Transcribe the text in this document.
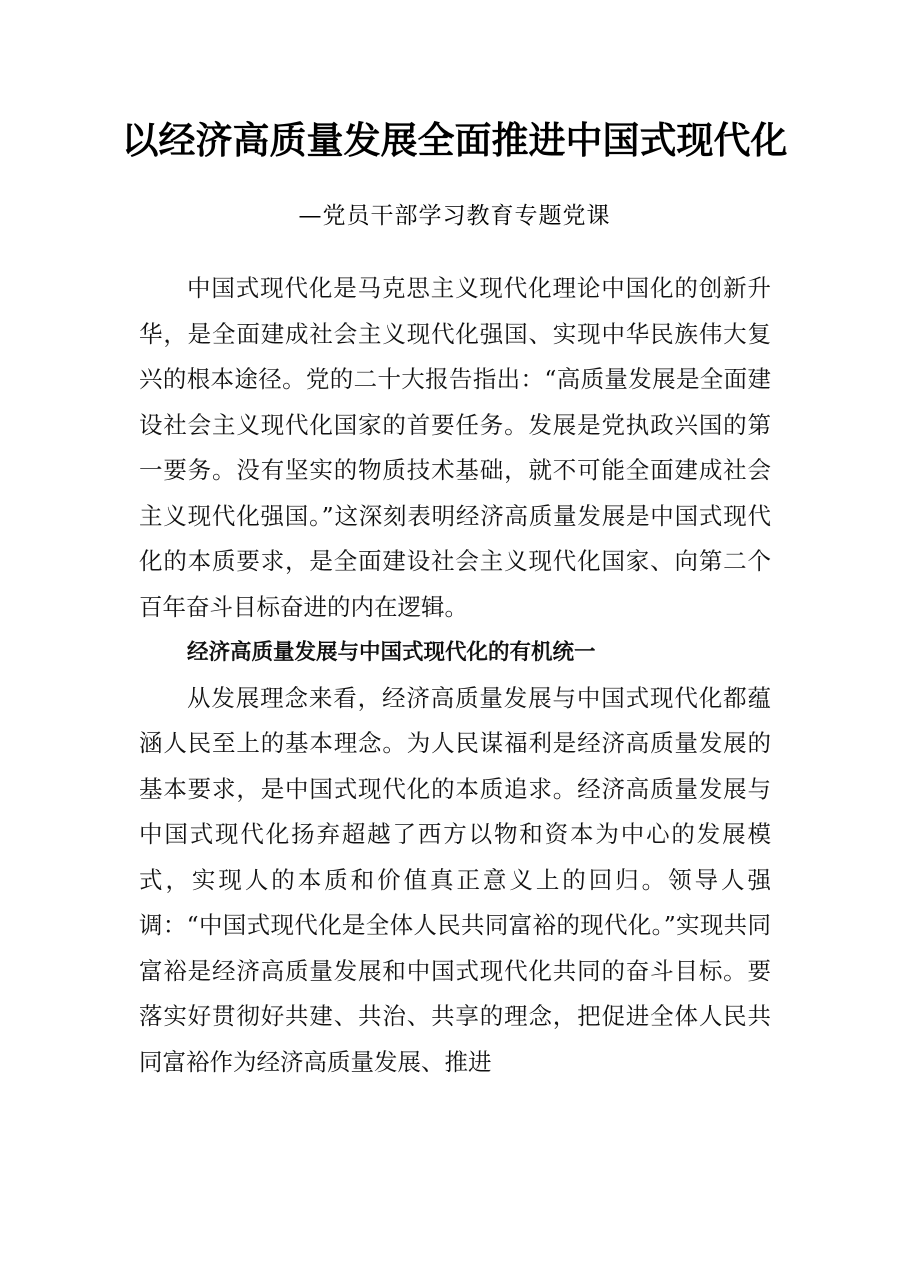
以经济高质量发展全面推进中国式现代化
—党员干部学习教育专题党课

中国式现代化是马克思主义现代化理论中国化的创新升华，是全面建成社会主义现代化强国、实现中华民族伟大复兴的根本途径。党的二十大报告指出：“高质量发展是全面建设社会主义现代化国家的首要任务。发展是党执政兴国的第一要务。没有坚实的物质技术基础，就不可能全面建成社会主义现代化强国。”这深刻表明经济高质量发展是中国式现代化的本质要求，是全面建设社会主义现代化国家、向第二个百年奋斗目标奋进的内在逻辑。

经济高质量发展与中国式现代化的有机统一

从发展理念来看，经济高质量发展与中国式现代化都蕴涵人民至上的基本理念。为人民谋福利是经济高质量发展的基本要求，是中国式现代化的本质追求。经济高质量发展与中国式现代化扬弃超越了西方以物和资本为中心的发展模式，实现人的本质和价值真正意义上的回归。领导人强调：“中国式现代化是全体人民共同富裕的现代化。”实现共同富裕是经济高质量发展和中国式现代化共同的奋斗目标。要落实好贯彻好共建、共治、共享的理念，把促进全体人民共同富裕作为经济高质量发展、推进
